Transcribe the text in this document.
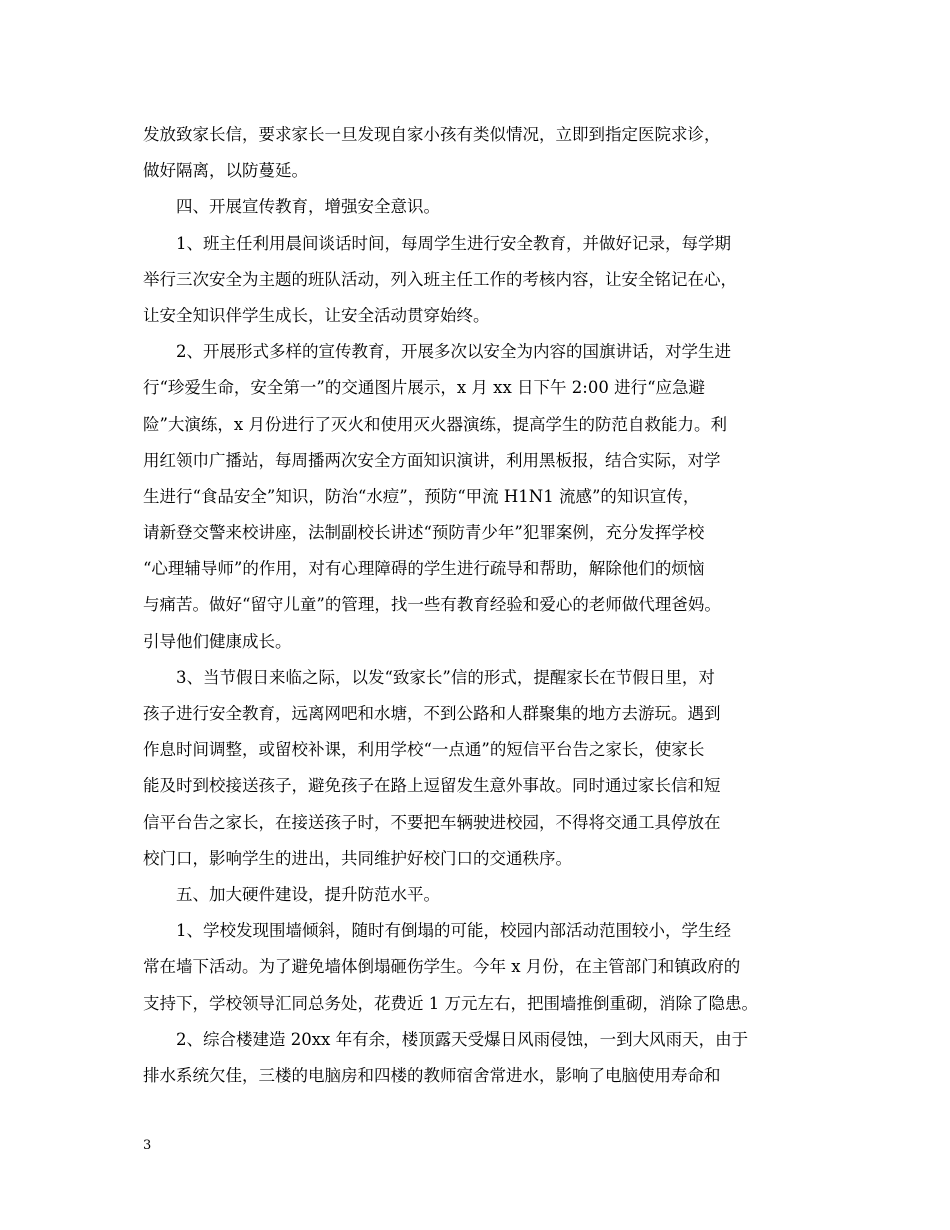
发放致家长信，要求家长一旦发现自家小孩有类似情况，立即到指定医院求诊，
做好隔离，以防蔓延。
四、开展宣传教育，增强安全意识。
1、班主任利用晨间谈话时间，每周学生进行安全教育，并做好记录，每学期
举行三次安全为主题的班队活动，列入班主任工作的考核内容，让安全铭记在心，
让安全知识伴学生成长，让安全活动贯穿始终。
2、开展形式多样的宣传教育，开展多次以安全为内容的国旗讲话，对学生进
行“珍爱生命，安全第一”的交通图片展示，x 月 xx 日下午 2:00 进行“应急避
险”大演练，x 月份进行了灭火和使用灭火器演练，提高学生的防范自救能力。利
用红领巾广播站，每周播两次安全方面知识演讲，利用黑板报，结合实际，对学
生进行“食品安全”知识，防治“水痘”，预防“甲流 H1N1 流感”的知识宣传，
请新登交警来校讲座，法制副校长讲述“预防青少年”犯罪案例，充分发挥学校
“心理辅导师”的作用，对有心理障碍的学生进行疏导和帮助，解除他们的烦恼
与痛苦。做好“留守儿童”的管理，找一些有教育经验和爱心的老师做代理爸妈。
引导他们健康成长。
3、当节假日来临之际，以发“致家长”信的形式，提醒家长在节假日里，对
孩子进行安全教育，远离网吧和水塘，不到公路和人群聚集的地方去游玩。遇到
作息时间调整，或留校补课，利用学校“一点通”的短信平台告之家长，使家长
能及时到校接送孩子，避免孩子在路上逗留发生意外事故。同时通过家长信和短
信平台告之家长，在接送孩子时，不要把车辆驶进校园，不得将交通工具停放在
校门口，影响学生的进出，共同维护好校门口的交通秩序。
五、加大硬件建设，提升防范水平。
1、学校发现围墙倾斜，随时有倒塌的可能，校园内部活动范围较小，学生经
常在墙下活动。为了避免墙体倒塌砸伤学生。今年 x 月份，在主管部门和镇政府的
支持下，学校领导汇同总务处，花费近 1 万元左右，把围墙推倒重砌，消除了隐患。
2、综合楼建造 20xx 年有余，楼顶露天受爆日风雨侵蚀，一到大风雨天，由于
排水系统欠佳，三楼的电脑房和四楼的教师宿舍常进水，影响了电脑使用寿命和
3
